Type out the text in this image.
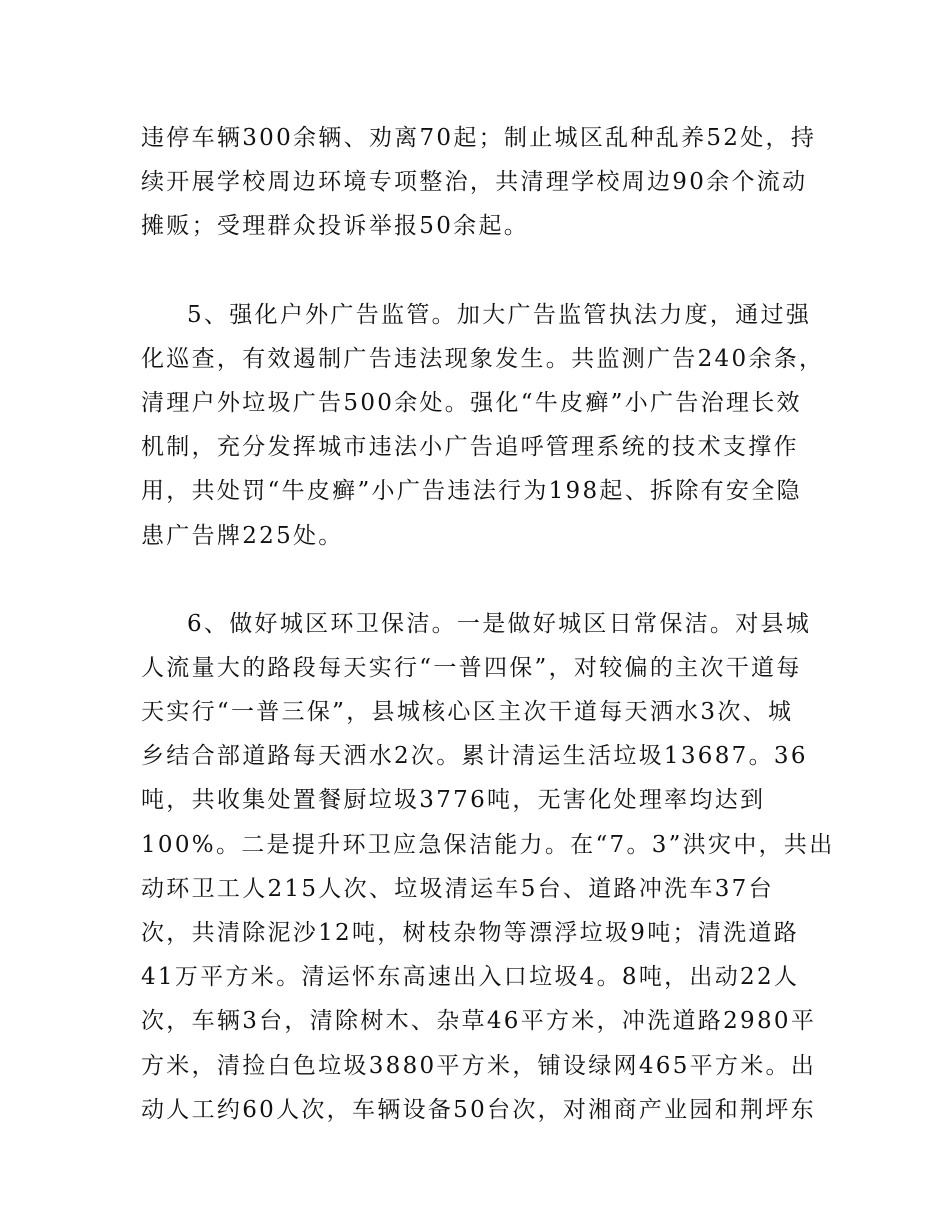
违停车辆300余辆、劝离70起；制止城区乱种乱养52处，持
续开展学校周边环境专项整治，共清理学校周边90余个流动
摊贩；受理群众投诉举报50余起。
5、强化户外广告监管。加大广告监管执法力度，通过强
化巡查，有效遏制广告违法现象发生。共监测广告240余条，
清理户外垃圾广告500余处。强化“牛皮癣”小广告治理长效
机制，充分发挥城市违法小广告追呼管理系统的技术支撑作
用，共处罚“牛皮癣”小广告违法行为198起、拆除有安全隐
患广告牌225处。
6、做好城区环卫保洁。一是做好城区日常保洁。对县城
人流量大的路段每天实行“一普四保”，对较偏的主次干道每
天实行“一普三保”，县城核心区主次干道每天洒水3次、城
乡结合部道路每天洒水2次。累计清运生活垃圾13687。36
吨，共收集处置餐厨垃圾3776吨，无害化处理率均达到
100%。二是提升环卫应急保洁能力。在“7。3”洪灾中，共出
动环卫工人215人次、垃圾清运车5台、道路冲洗车37台
次，共清除泥沙12吨，树枝杂物等漂浮垃圾9吨；清洗道路
41万平方米。清运怀东高速出入口垃圾4。8吨，出动22人
次，车辆3台，清除树木、杂草46平方米，冲洗道路2980平
方米，清捡白色垃圾3880平方米，铺设绿网465平方米。出
动人工约60人次，车辆设备50台次，对湘商产业园和荆坪东
